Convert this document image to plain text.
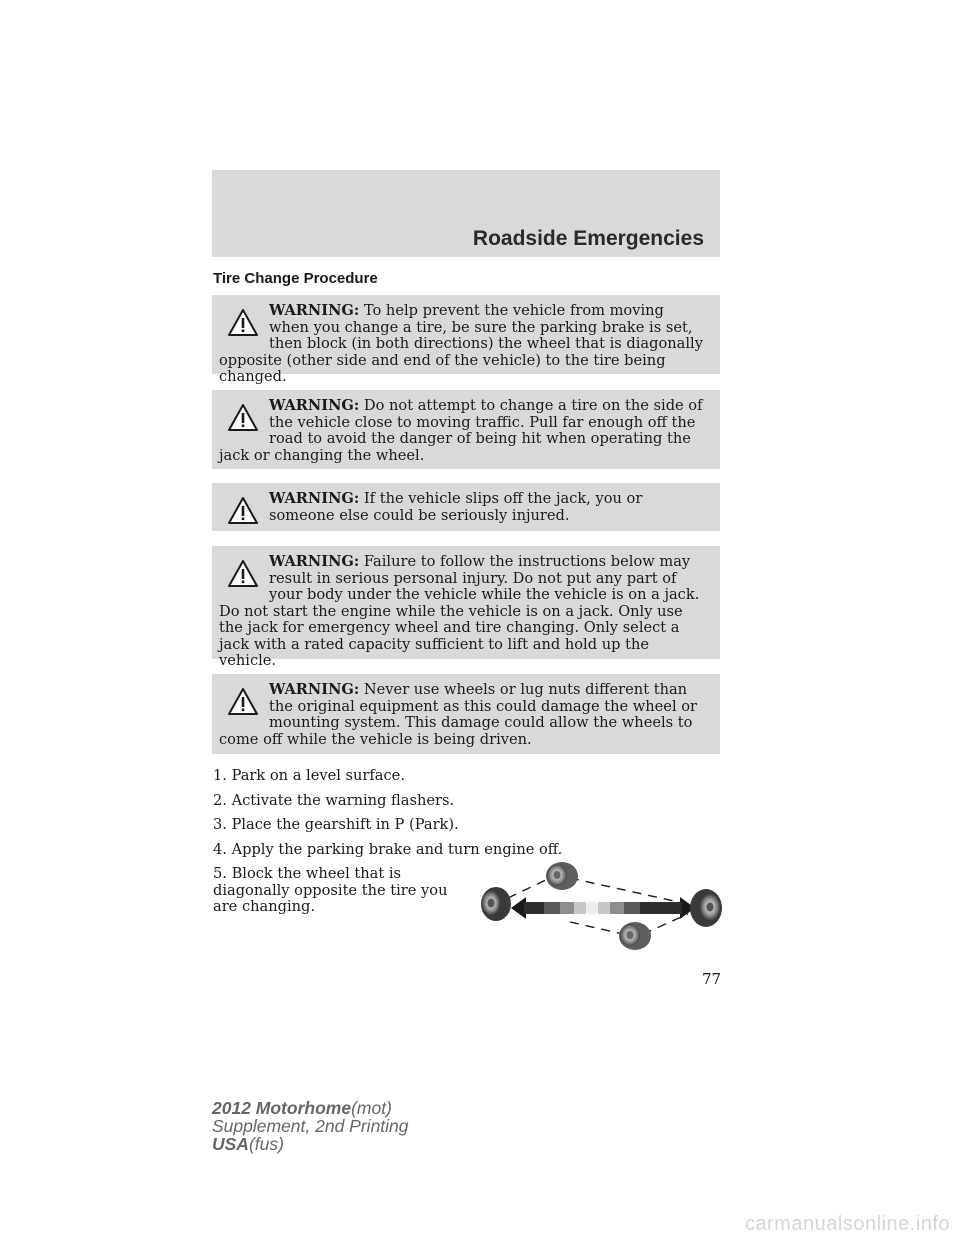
Roadside Emergencies
Tire Change Procedure
WARNING: To help prevent the vehicle from moving when you change a tire, be sure the parking brake is set, then block (in both directions) the wheel that is diagonally opposite (other side and end of the vehicle) to the tire being changed.
WARNING: Do not attempt to change a tire on the side of the vehicle close to moving traffic. Pull far enough off the road to avoid the danger of being hit when operating the jack or changing the wheel.
WARNING: If the vehicle slips off the jack, you or someone else could be seriously injured.
WARNING: Failure to follow the instructions below may result in serious personal injury. Do not put any part of your body under the vehicle while the vehicle is on a jack. Do not start the engine while the vehicle is on a jack. Only use the jack for emergency wheel and tire changing. Only select a jack with a rated capacity sufficient to lift and hold up the vehicle.
WARNING: Never use wheels or lug nuts different than the original equipment as this could damage the wheel or mounting system. This damage could allow the wheels to come off while the vehicle is being driven.
1. Park on a level surface.
2. Activate the warning flashers.
3. Place the gearshift in P (Park).
4. Apply the parking brake and turn engine off.
5. Block the wheel that is diagonally opposite the tire you are changing.
77
2012 Motorhome(mot)
Supplement, 2nd Printing
USA(fus)
carmanualsonline.info
